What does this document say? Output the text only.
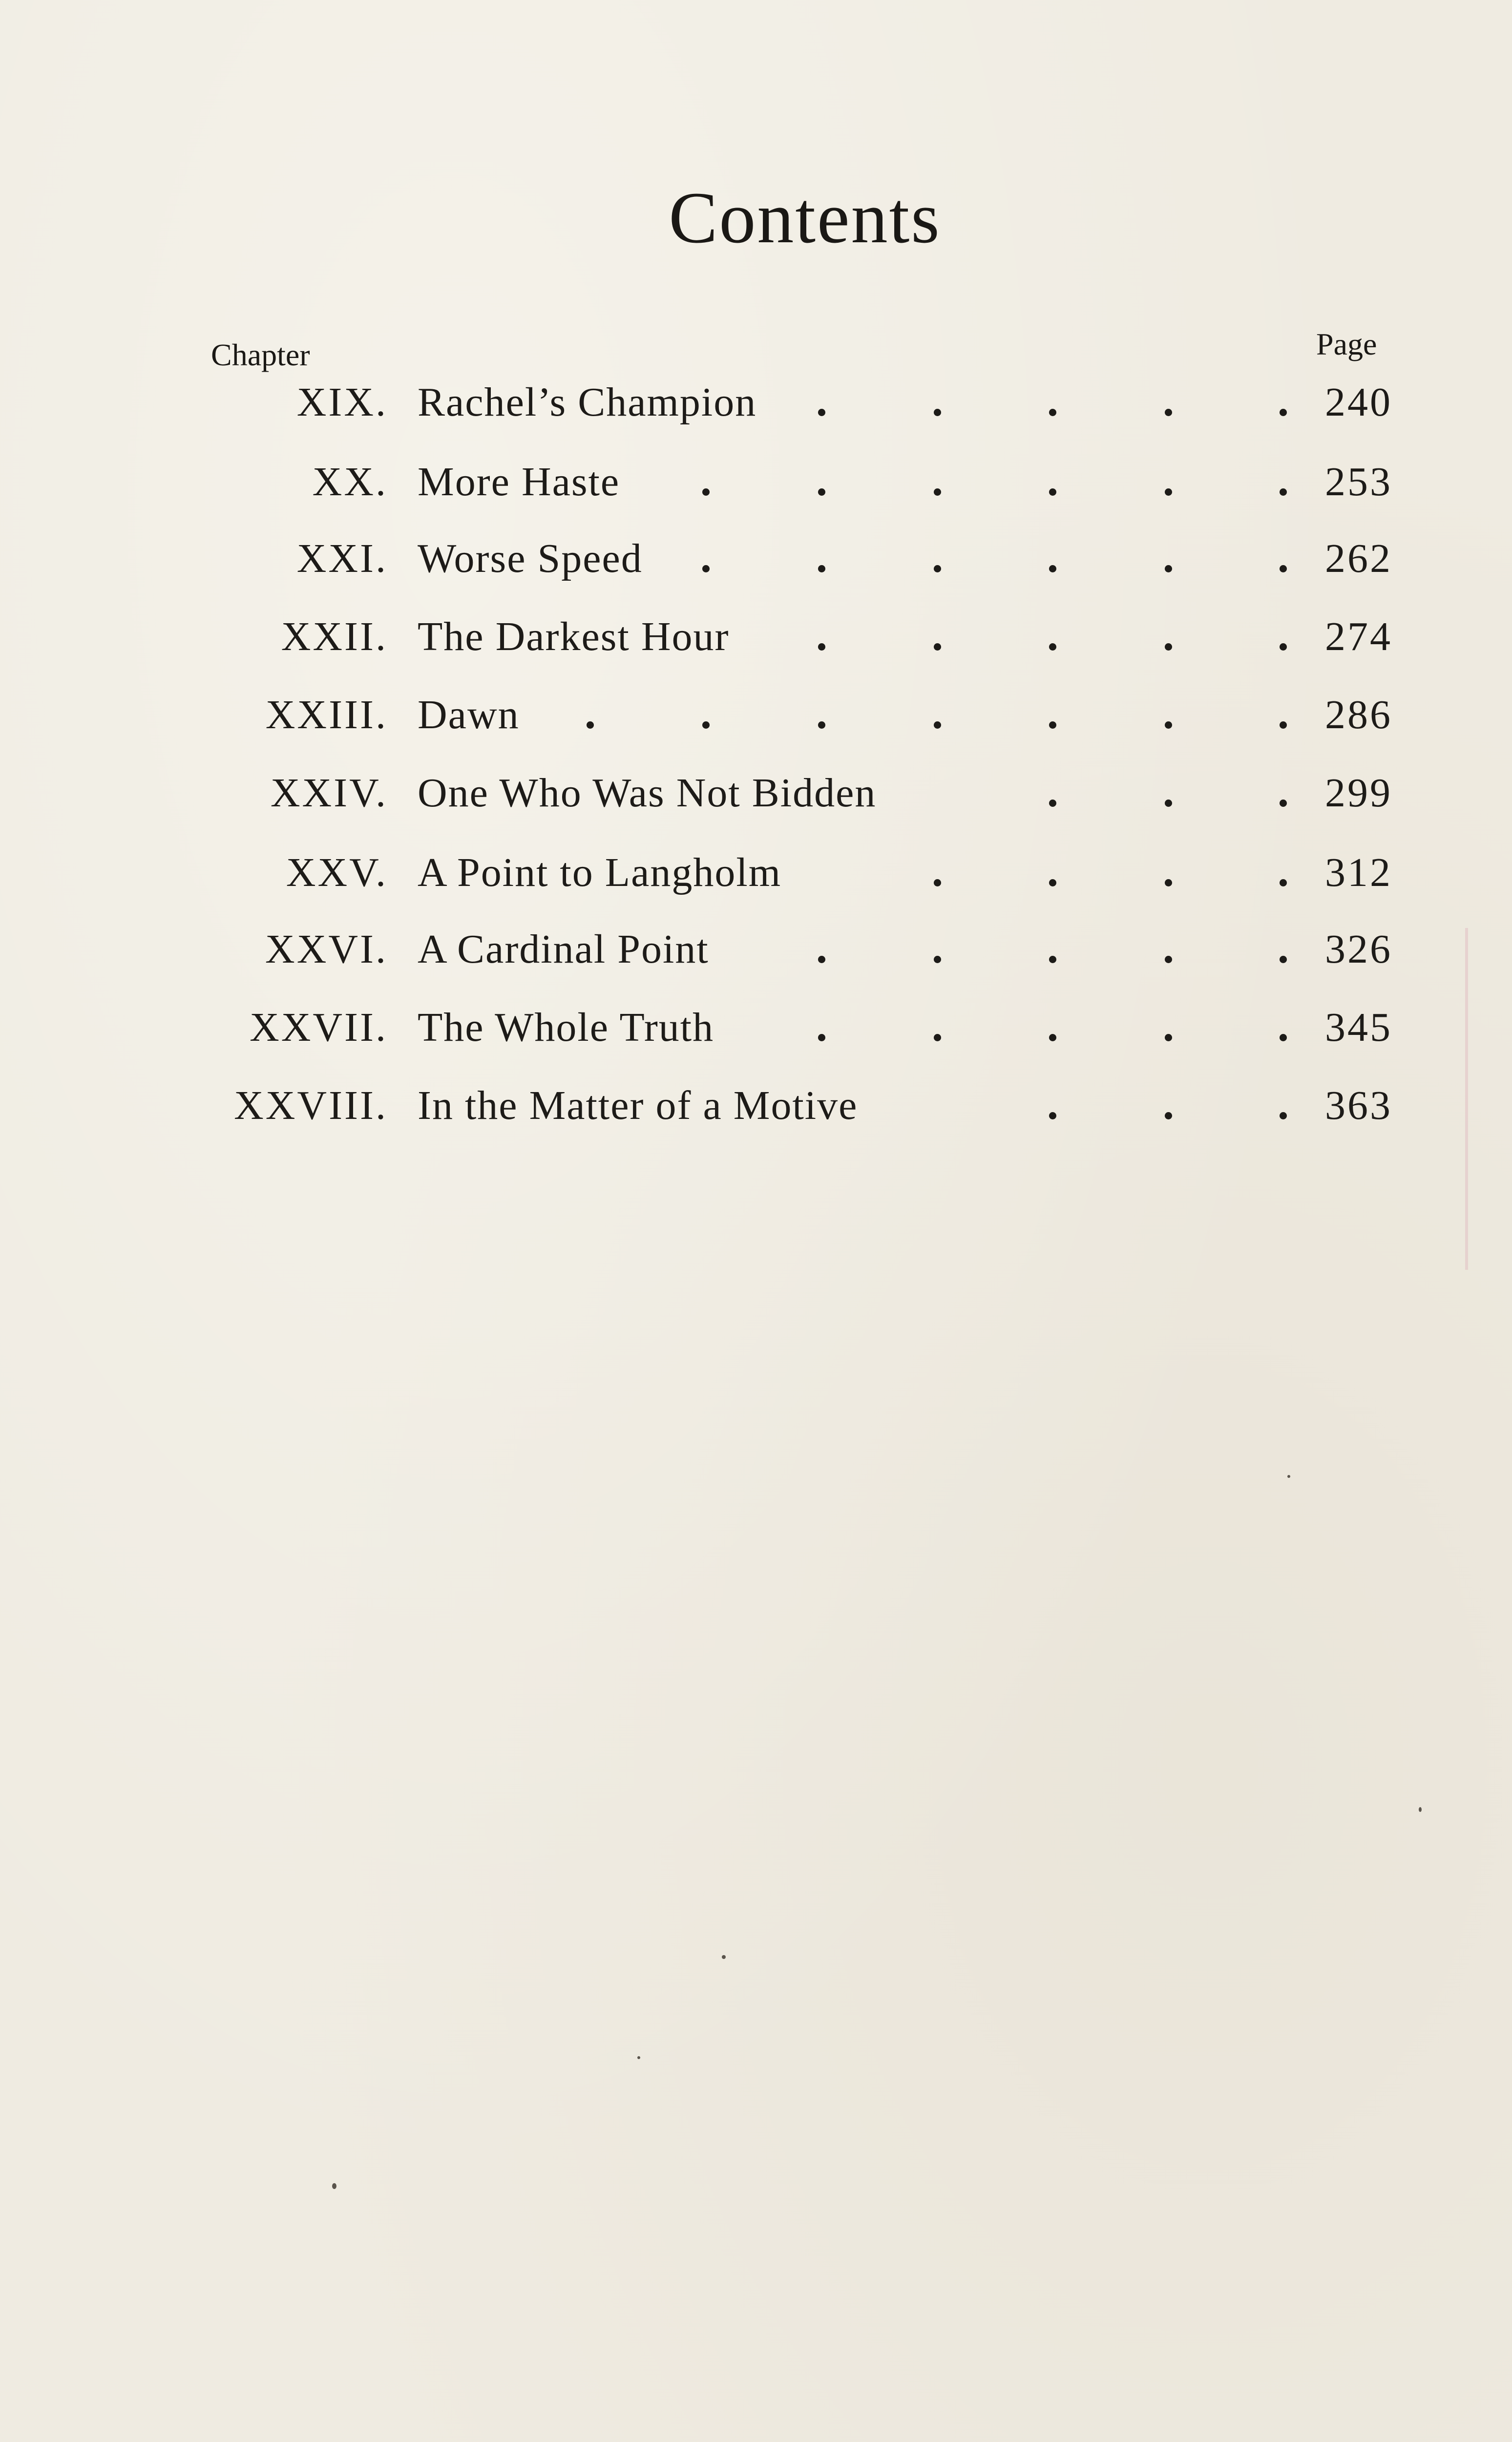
Contents
Chapter	Page
XIX. Rachel’s Champion	240
XX. More Haste	253
XXI. Worse Speed	262
XXII. The Darkest Hour	274
XXIII. Dawn	286
XXIV. One Who Was Not Bidden	299
XXV. A Point to Langholm	312
XXVI. A Cardinal Point	326
XXVII. The Whole Truth	345
XXVIII. In the Matter of a Motive	363
